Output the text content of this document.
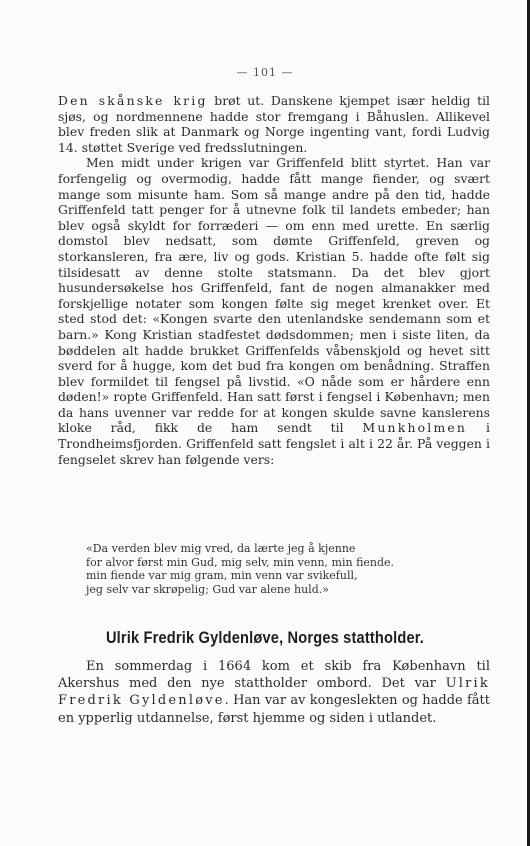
— 101 —

Den skånske krig brøt ut. Danskene kjempet især heldig til sjøs, og nordmennene hadde stor fremgang i Båhuslen. Allikevel blev freden slik at Danmark og Norge ingenting vant, fordi Ludvig 14. støttet Sverige ved fredsslutningen.

Men midt under krigen var Griffenfeld blitt styrtet. Han var forfengelig og overmodig, hadde fått mange fiender, og svært mange som misunte ham. Som så mange andre på den tid, hadde Griffenfeld tatt penger for å utnevne folk til landets embeder; han blev også skyldt for forræderi — om enn med urette. En særlig domstol blev nedsatt, som dømte Griffenfeld, greven og storkansleren, fra ære, liv og gods. Kristian 5. hadde ofte følt sig tilsidesatt av denne stolte statsmann. Da det blev gjort husundersøkelse hos Griffenfeld, fant de nogen almanakker med forskjellige notater som kongen følte sig meget krenket over. Et sted stod det: «Kongen svarte den utenlandske sendemann som et barn.» Kong Kristian stadfestet dødsdommen; men i siste liten, da bøddelen alt hadde brukket Griffenfelds våbenskjold og hevet sitt sverd for å hugge, kom det bud fra kongen om benådning. Straffen blev formildet til fengsel på livstid. «O nåde som er hårdere enn døden!» ropte Griffenfeld. Han satt først i fengsel i København; men da hans uvenner var redde for at kongen skulde savne kanslerens kloke råd, fikk de ham sendt til Munkholmen i Trondheimsfjorden. Griffenfeld satt fengslet i alt i 22 år. På veggen i fengselet skrev han følgende vers:

«Da verden blev mig vred, da lærte jeg å kjenne

for alvor først min Gud, mig selv, min venn, min fiende.

min fiende var mig gram, min venn var svikefull,

jeg selv var skrøpelig; Gud var alene huld.»

Ulrik Fredrik Gyldenløve, Norges stattholder.

En sommerdag i 1664 kom et skib fra København til Akershus med den nye stattholder ombord. Det var Ulrik Fredrik Gyldenløve. Han var av kongeslekten og hadde fått en ypperlig utdannelse, først hjemme og siden i utlandet.
